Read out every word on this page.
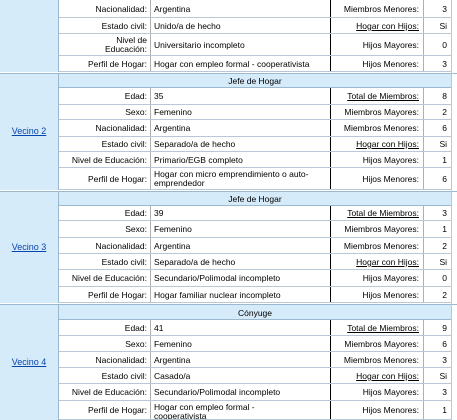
Nacionalidad: Argentina	Miembros Menores:	3
Estado civil: Unido/a de hecho	Hogar con Hijos:	Si
Nivel de
Educación: Universitario incompleto	Hijos Mayores:	0
Perfil de Hogar: Hogar con empleo formal - cooperativista	Hijos Menores:	3
Vecino 2
Jefe de Hogar
Edad: 35	Total de Miembros:	8
Sexo: Femenino	Miembros Mayores:	2
Nacionalidad: Argentina	Miembros Menores:	6
Estado civil: Separado/a de hecho	Hogar con Hijos:	Si
Nivel de Educación: Primario/EGB completo	Hijos Mayores:	1
Perfil de Hogar: Hogar con micro emprendimiento o auto-
emprendedor	Hijos Menores:	6
Vecino 3
Jefe de Hogar
Edad: 39	Total de Miembros:	3
Sexo: Femenino	Miembros Mayores:	1
Nacionalidad: Argentina	Miembros Menores:	2
Estado civil: Separado/a de hecho	Hogar con Hijos:	Si
Nivel de Educación: Secundario/Polimodal incompleto	Hijos Mayores:	0
Perfil de Hogar: Hogar familiar nuclear incompleto	Hijos Menores:	2
Vecino 4
Cónyuge
Edad: 41	Total de Miembros:	9
Sexo: Femenino	Miembros Mayores:	6
Nacionalidad: Argentina	Miembros Menores:	3
Estado civil: Casado/a	Hogar con Hijos:	Si
Nivel de Educación: Secundario/Polimodal incompleto	Hijos Mayores:	3
Perfil de Hogar: Hogar con empleo formal -
cooperativista
Hijos Menores:	1
